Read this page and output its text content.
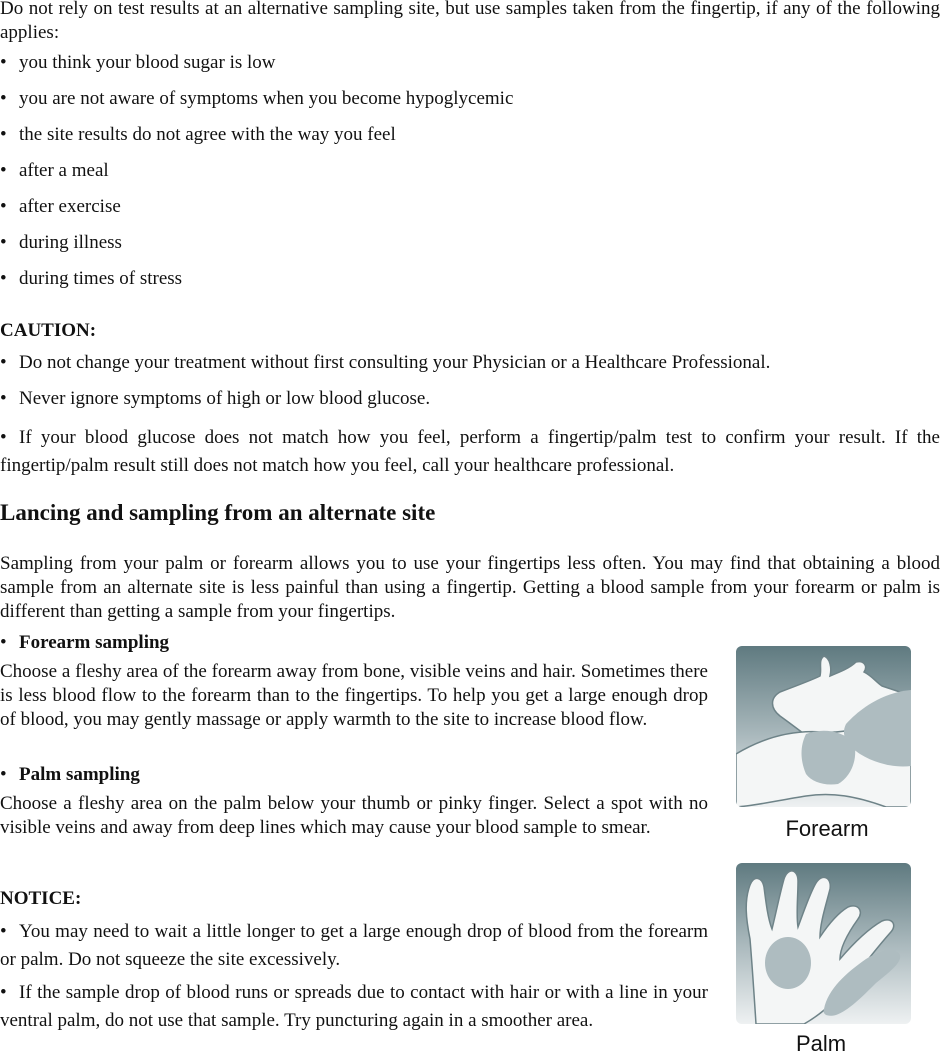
Do not rely on test results at an alternative sampling site, but use samples taken from the fingertip, if any of the following applies:
• you think your blood sugar is low
• you are not aware of symptoms when you become hypoglycemic
• the site results do not agree with the way you feel
• after a meal
• after exercise
• during illness
• during times of stress
CAUTION:
• Do not change your treatment without first consulting your Physician or a Healthcare Professional.
• Never ignore symptoms of high or low blood glucose.
• If your blood glucose does not match how you feel, perform a fingertip/palm test to confirm your result. If the fingertip/palm result still does not match how you feel, call your healthcare professional.
Lancing and sampling from an alternate site
Sampling from your palm or forearm allows you to use your fingertips less often. You may find that obtaining a blood sample from an alternate site is less painful than using a fingertip. Getting a blood sample from your forearm or palm is different than getting a sample from your fingertips.
• Forearm sampling
Choose a fleshy area of the forearm away from bone, visible veins and hair. Sometimes there is less blood flow to the forearm than to the fingertips. To help you get a large enough drop of blood, you may gently massage or apply warmth to the site to increase blood flow.
• Palm sampling
Choose a fleshy area on the palm below your thumb or pinky finger. Select a spot with no visible veins and away from deep lines which may cause your blood sample to smear.
NOTICE:
• You may need to wait a little longer to get a large enough drop of blood from the forearm or palm. Do not squeeze the site excessively.
• If the sample drop of blood runs or spreads due to contact with hair or with a line in your ventral palm, do not use that sample. Try puncturing again in a smoother area.
Forearm
Palm
